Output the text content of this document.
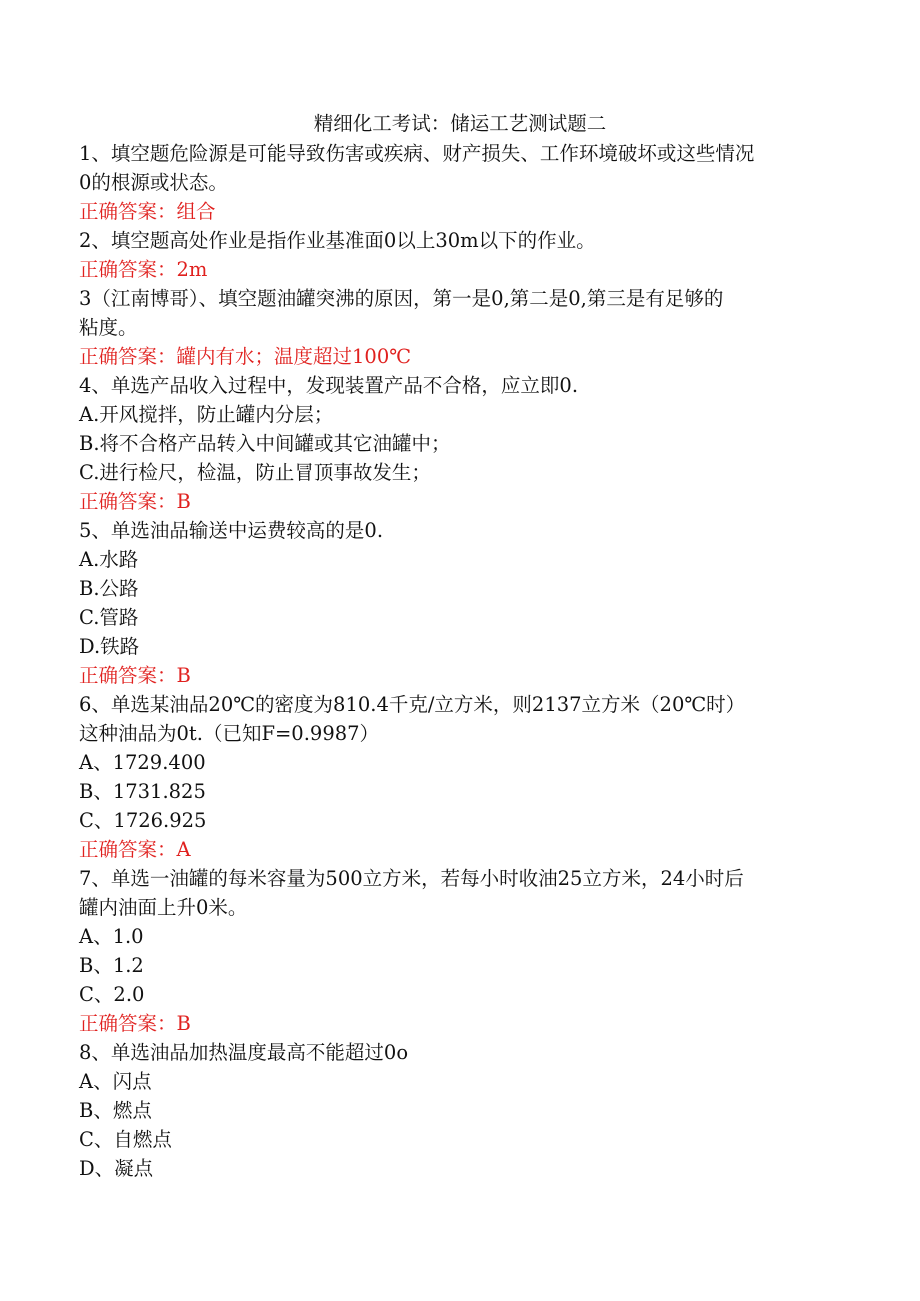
精细化工考试：储运工艺测试题二
1、填空题危险源是可能导致伤害或疾病、财产损失、工作环境破坏或这些情况
0的根源或状态。
正确答案：组合
2、填空题高处作业是指作业基准面0以上30m以下的作业。
正确答案：2m
3（江南博哥）、填空题油罐突沸的原因，第一是0,第二是0,第三是有足够的
粘度。
正确答案：罐内有水；温度超过100℃
4、单选产品收入过程中，发现装置产品不合格，应立即0.
A.开风搅拌，防止罐内分层；
B.将不合格产品转入中间罐或其它油罐中；
C.进行检尺，检温，防止冒顶事故发生；
正确答案：B
5、单选油品输送中运费较高的是0.
A.水路
B.公路
C.管路
D.铁路
正确答案：B
6、单选某油品20℃的密度为810.4千克/立方米，则2137立方米（20℃时）
这种油品为0t.（已知F=0.9987）
A、1729.400
B、1731.825
C、1726.925
正确答案：A
7、单选一油罐的每米容量为500立方米，若每小时收油25立方米，24小时后
罐内油面上升0米。
A、1.0
B、1.2
C、2.0
正确答案：B
8、单选油品加热温度最高不能超过0o
A、闪点
B、燃点
C、自燃点
D、凝点
